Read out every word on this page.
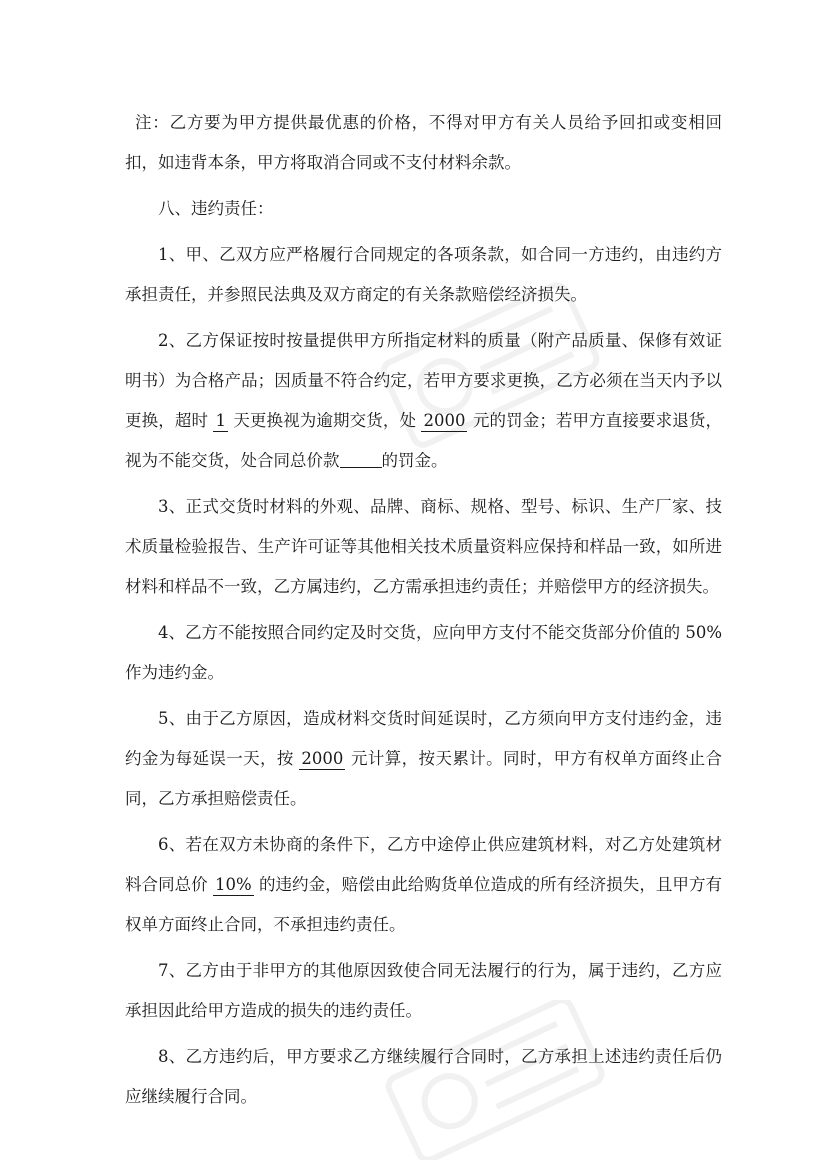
注：乙方要为甲方提供最优惠的价格，不得对甲方有关人员给予回扣或变相回扣，如违背本条，甲方将取消合同或不支付材料余款。

八、违约责任：

1、甲、乙双方应严格履行合同规定的各项条款，如合同一方违约，由违约方承担责任，并参照民法典及双方商定的有关条款赔偿经济损失。

2、乙方保证按时按量提供甲方所指定材料的质量（附产品质量、保修有效证明书）为合格产品；因质量不符合约定，若甲方要求更换，乙方必须在当天内予以更换，超时 1 天更换视为逾期交货，处 2000 元的罚金；若甲方直接要求退货，视为不能交货，处合同总价款	的罚金。

3、正式交货时材料的外观、品牌、商标、规格、型号、标识、生产厂家、技术质量检验报告、生产许可证等其他相关技术质量资料应保持和样品一致，如所进材料和样品不一致，乙方属违约，乙方需承担违约责任；并赔偿甲方的经济损失。

4、乙方不能按照合同约定及时交货，应向甲方支付不能交货部分价值的 50%作为违约金。

5、由于乙方原因，造成材料交货时间延误时，乙方须向甲方支付违约金，违约金为每延误一天，按 2000 元计算，按天累计。同时，甲方有权单方面终止合同，乙方承担赔偿责任。

6、若在双方未协商的条件下，乙方中途停止供应建筑材料，对乙方处建筑材料合同总价 10% 的违约金，赔偿由此给购货单位造成的所有经济损失，且甲方有权单方面终止合同，不承担违约责任。

7、乙方由于非甲方的其他原因致使合同无法履行的行为，属于违约，乙方应承担因此给甲方造成的损失的违约责任。

8、乙方违约后，甲方要求乙方继续履行合同时，乙方承担上述违约责任后仍应继续履行合同。
